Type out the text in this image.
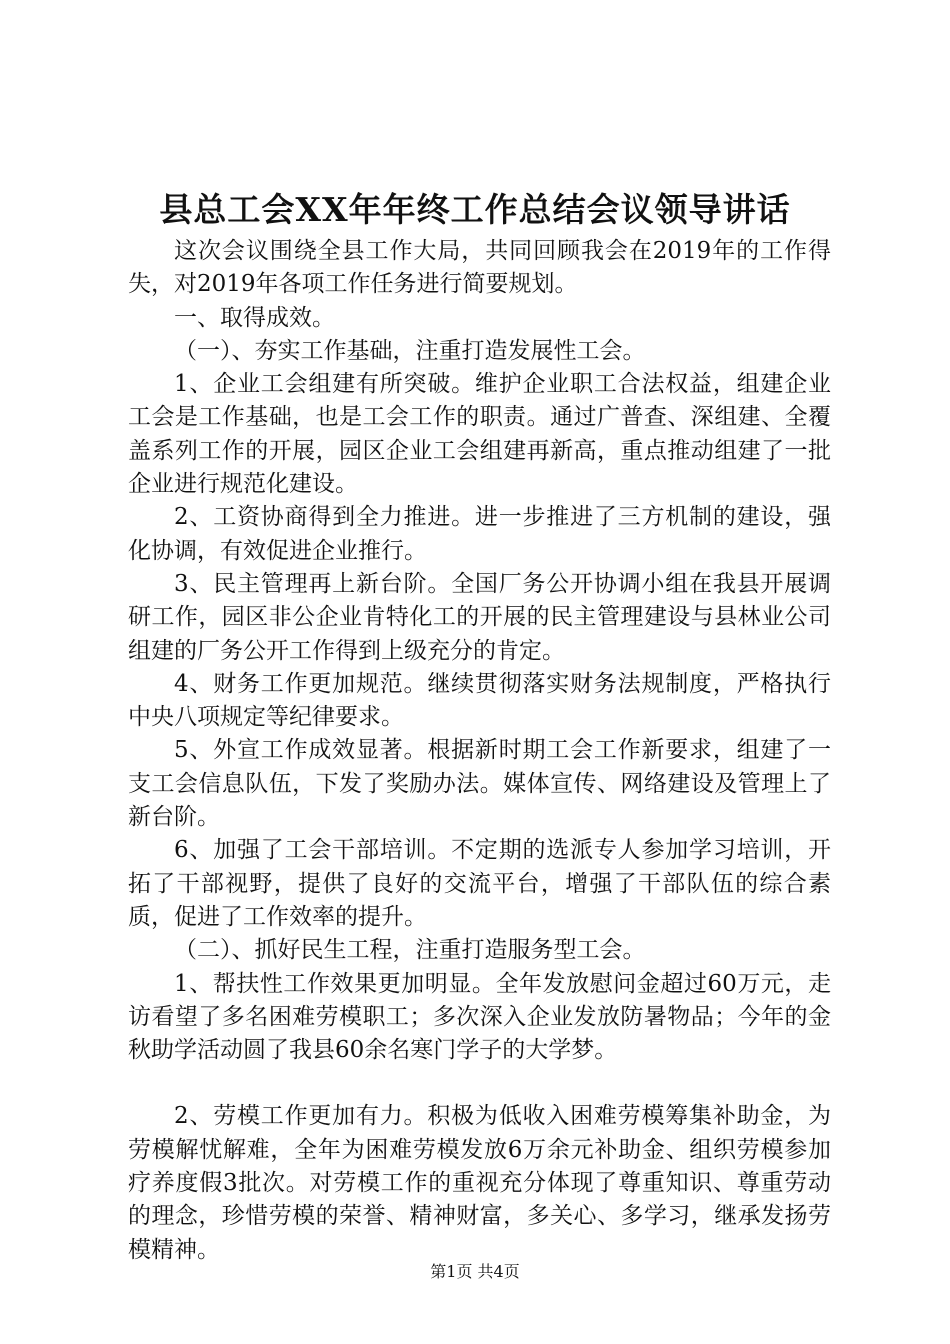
县总工会XX年年终工作总结会议领导讲话

这次会议围绕全县工作大局，共同回顾我会在2019年的工作得失，对2019年各项工作任务进行简要规划。

一、取得成效。

（一）、夯实工作基础，注重打造发展性工会。

1、企业工会组建有所突破。维护企业职工合法权益，组建企业工会是工作基础，也是工会工作的职责。通过广普查、深组建、全覆盖系列工作的开展，园区企业工会组建再新高，重点推动组建了一批企业进行规范化建设。

2、工资协商得到全力推进。进一步推进了三方机制的建设，强化协调，有效促进企业推行。

3、民主管理再上新台阶。全国厂务公开协调小组在我县开展调研工作，园区非公企业肯特化工的开展的民主管理建设与县林业公司组建的厂务公开工作得到上级充分的肯定。

4、财务工作更加规范。继续贯彻落实财务法规制度，严格执行中央八项规定等纪律要求。

5、外宣工作成效显著。根据新时期工会工作新要求，组建了一支工会信息队伍，下发了奖励办法。媒体宣传、网络建设及管理上了新台阶。

6、加强了工会干部培训。不定期的选派专人参加学习培训，开拓了干部视野，提供了良好的交流平台，增强了干部队伍的综合素质，促进了工作效率的提升。

（二）、抓好民生工程，注重打造服务型工会。

1、帮扶性工作效果更加明显。全年发放慰问金超过60万元，走访看望了多名困难劳模职工；多次深入企业发放防暑物品；今年的金秋助学活动圆了我县60余名寒门学子的大学梦。

2、劳模工作更加有力。积极为低收入困难劳模筹集补助金，为劳模解忧解难，全年为困难劳模发放6万余元补助金、组织劳模参加疗养度假3批次。对劳模工作的重视充分体现了尊重知识、尊重劳动的理念，珍惜劳模的荣誉、精神财富，多关心、多学习，继承发扬劳模精神。

第1页 共4页
